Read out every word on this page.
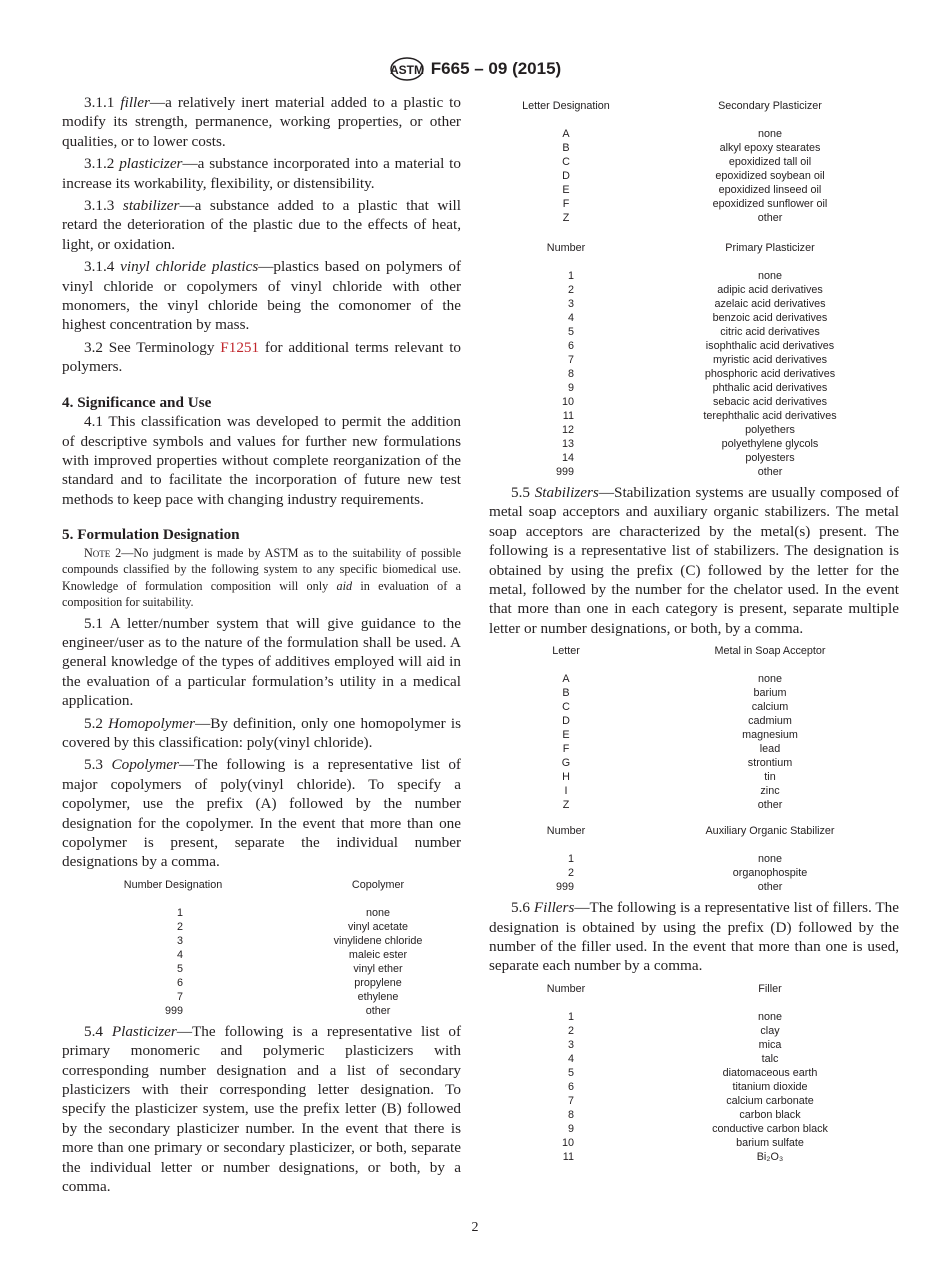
ASTM F665 – 09 (2015)

3.1.1 filler—a relatively inert material added to a plastic to modify its strength, permanence, working properties, or other qualities, or to lower costs.

3.1.2 plasticizer—a substance incorporated into a material to increase its workability, flexibility, or distensibility.

3.1.3 stabilizer—a substance added to a plastic that will retard the deterioration of the plastic due to the effects of heat, light, or oxidation.

3.1.4 vinyl chloride plastics—plastics based on polymers of vinyl chloride or copolymers of vinyl chloride with other monomers, the vinyl chloride being the comonomer of the highest concentration by mass.

3.2 See Terminology F1251 for additional terms relevant to polymers.

4. Significance and Use

4.1 This classification was developed to permit the addition of descriptive symbols and values for further new formulations with improved properties without complete reorganization of the standard and to facilitate the incorporation of future new test methods to keep pace with changing industry requirements.

5. Formulation Designation

Note 2—No judgment is made by ASTM as to the suitability of possible compounds classified by the following system to any specific biomedical use. Knowledge of formulation composition will only aid in evaluation of a composition for suitability.

5.1 A letter/number system that will give guidance to the engineer/user as to the nature of the formulation shall be used. A general knowledge of the types of additives employed will aid in the evaluation of a particular formulation’s utility in a medical application.

5.2 Homopolymer—By definition, only one homopolymer is covered by this classification: poly(vinyl chloride).

5.3 Copolymer—The following is a representative list of major copolymers of poly(vinyl chloride). To specify a copolymer, use the prefix (A) followed by the number designation for the copolymer. In the event that more than one copolymer is present, separate the individual number designations by a comma.

Number Designation	Copolymer
1	none
2	vinyl acetate
3	vinylidene chloride
4	maleic ester
5	vinyl ether
6	propylene
7	ethylene
999	other

5.4 Plasticizer—The following is a representative list of primary monomeric and polymeric plasticizers with corresponding number designation and a list of secondary plasticizers with their corresponding letter designation. To specify the plasticizer system, use the prefix letter (B) followed by the secondary plasticizer number. In the event that there is more than one primary or secondary plasticizer, or both, separate the individual letter or number designations, or both, by a comma.

Letter Designation	Secondary Plasticizer
A	none
B	alkyl epoxy stearates
C	epoxidized tall oil
D	epoxidized soybean oil
E	epoxidized linseed oil
F	epoxidized sunflower oil
Z	other
Number	Primary Plasticizer
1	none
2	adipic acid derivatives
3	azelaic acid derivatives
4	benzoic acid derivatives
5	citric acid derivatives
6	isophthalic acid derivatives
7	myristic acid derivatives
8	phosphoric acid derivatives
9	phthalic acid derivatives
10	sebacic acid derivatives
11	terephthalic acid derivatives
12	polyethers
13	polyethylene glycols
14	polyesters
999	other

5.5 Stabilizers—Stabilization systems are usually composed of metal soap acceptors and auxiliary organic stabilizers. The metal soap acceptors are characterized by the metal(s) present. The following is a representative list of stabilizers. The designation is obtained by using the prefix (C) followed by the letter for the metal, followed by the number for the chelator used. In the event that more than one in each category is present, separate multiple letter or number designations, or both, by a comma.

Letter	Metal in Soap Acceptor
A	none
B	barium
C	calcium
D	cadmium
E	magnesium
F	lead
G	strontium
H	tin
I	zinc
Z	other
Number	Auxiliary Organic Stabilizer
1	none
2	organophospite
999	other

5.6 Fillers—The following is a representative list of fillers. The designation is obtained by using the prefix (D) followed by the number of the filler used. In the event that more than one is used, separate each number by a comma.

Number	Filler
1	none
2	clay
3	mica
4	talc
5	diatomaceous earth
6	titanium dioxide
7	calcium carbonate
8	carbon black
9	conductive carbon black
10	barium sulfate
11	Bi₂O₃
2
